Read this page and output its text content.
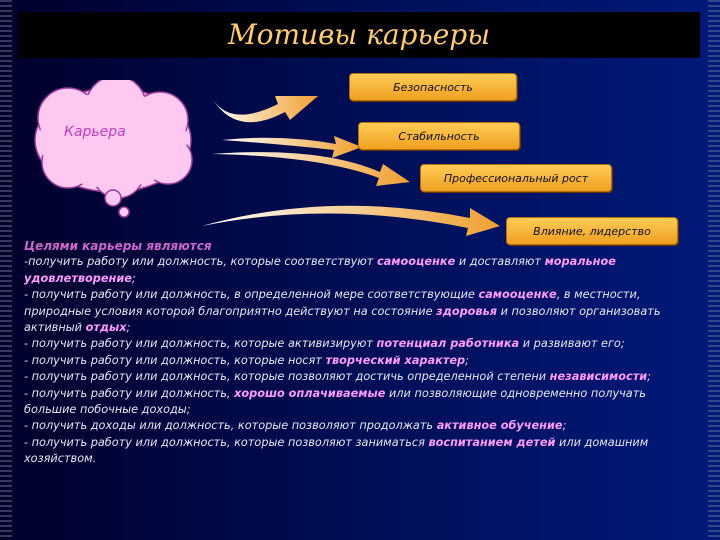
Мотивы карьеры
Карьера
Безопасность
Стабильность
Профессиональный рост
Влияние, лидерство
Целями карьеры являются
-получить работу или должность, которые соответствуют самооценке и доставляют моральное удовлетворение;
- получить работу или должность, в определенной мере соответствующие самооценке, в местности, природные условия которой благоприятно действуют на состояние здоровья и позволяют организовать активный отдых;
- получить работу или должность, которые активизируют потенциал работника и развивают его;
- получить работу или должность, которые носят творческий характер;
- получить работу или должность, которые позволяют достичь определенной степени независимости;
- получить работу или должность, хорошо оплачиваемые или позволяющие одновременно получать большие побочные доходы;
- получить доходы или должность, которые позволяют продолжать активное обучение;
- получить работу или должность, которые позволяют заниматься воспитанием детей или домашним хозяйством.
